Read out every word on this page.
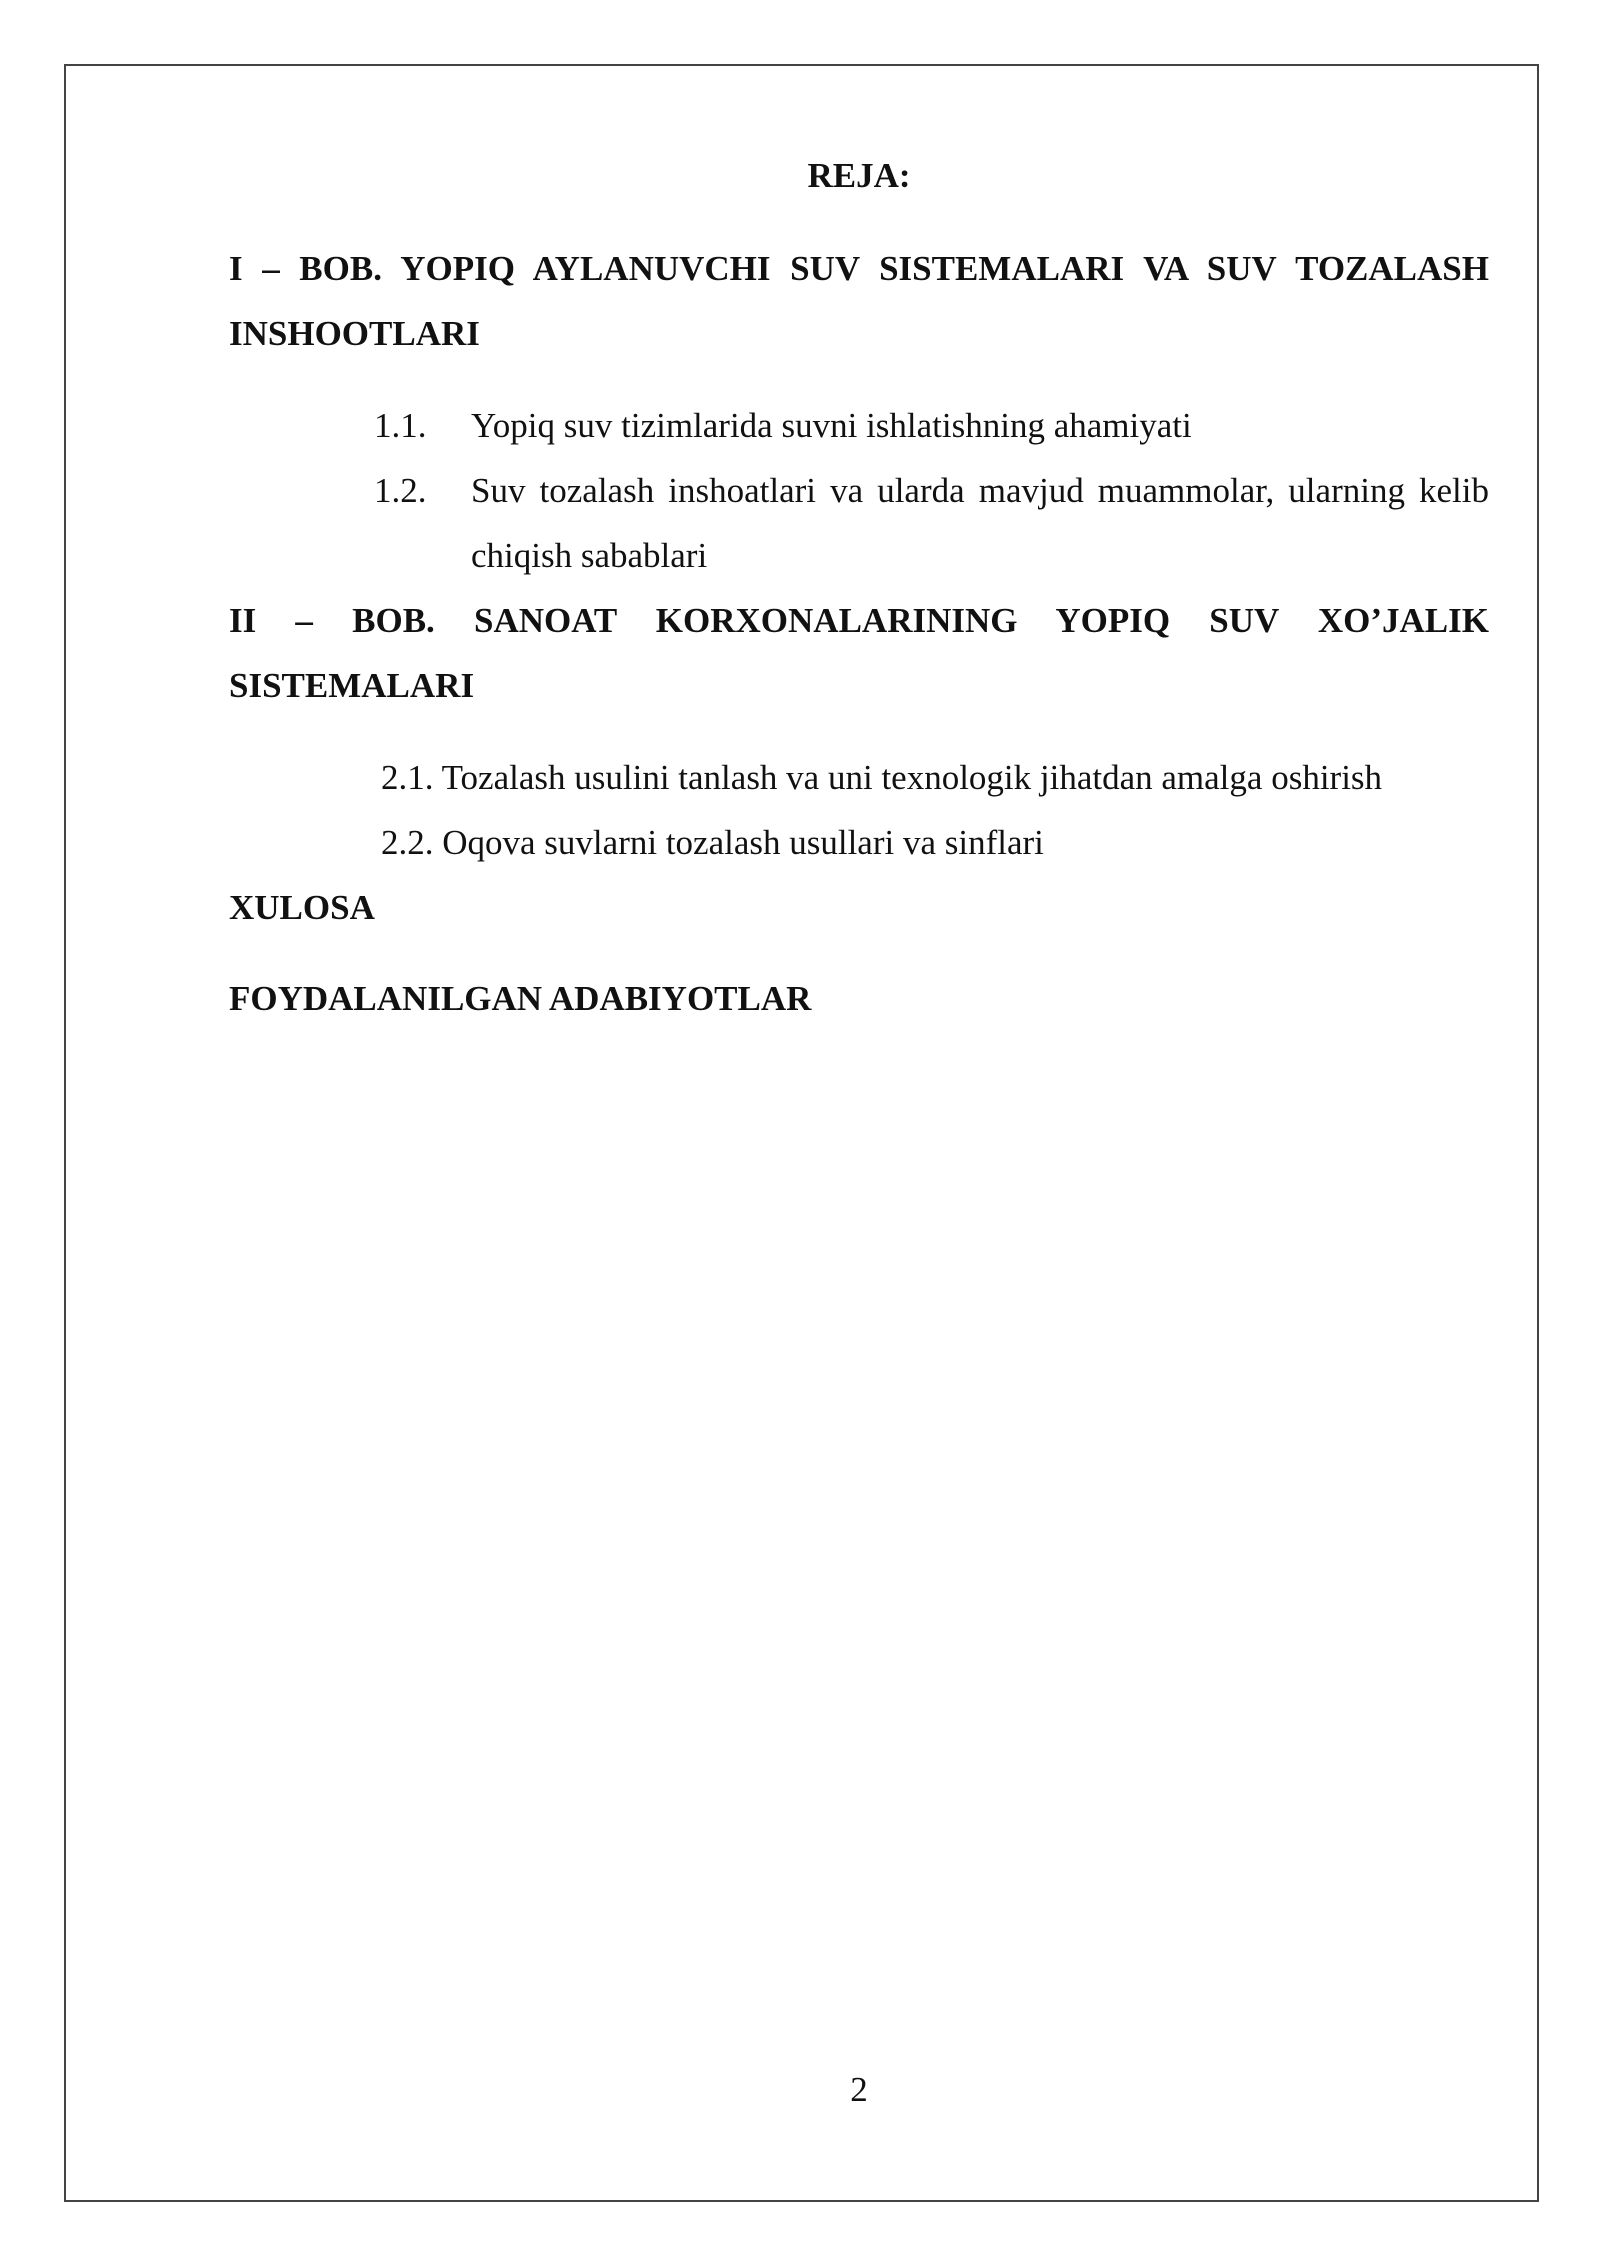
REJA:

I – BOB. YOPIQ AYLANUVCHI SUV SISTEMALARI VA SUV TOZALASH INSHOOTLARI

1.1.	Yopiq suv tizimlarida suvni ishlatishning ahamiyati
1.2.	Suv tozalash inshoatlari va ularda mavjud muammolar, ularning kelib chiqish sabablari

II – BOB. SANOAT KORXONALARINING YOPIQ SUV XO’JALIK SISTEMALARI

2.1. Tozalash usulini tanlash va uni texnologik jihatdan amalga oshirish
2.2. Oqova suvlarni tozalash usullari va sinflari
XULOSA
FOYDALANILGAN ADABIYOTLAR
2
